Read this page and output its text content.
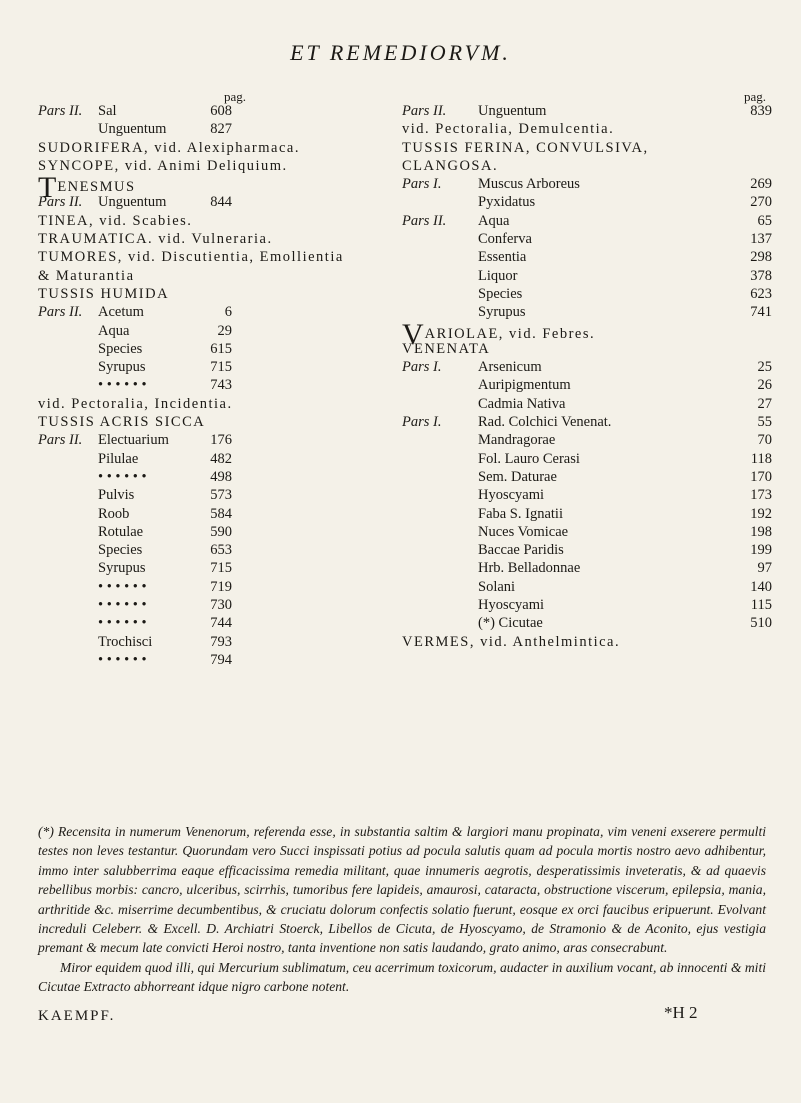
ET REMEDIORVM.
pag.
Pars II. Sal	608
Unguentum	827
SUDORIFERA, vid. Alexipharmaca.
SYNCOPE, vid. Animi Deliquium.
TENESMUS
Pars II. Unguentum	844
TINEA, vid. Scabies.
TRAUMATICA. vid. Vulneraria.
TUMORES, vid. Discutientia, Emollientia
& Maturantia
TUSSIS HUMIDA
Pars II. Acetum	6
Aqua	29
Species	615
Syrupus	715
• • • • • •	743
vid. Pectoralia, Incidentia.
TUSSIS ACRIS SICCA
Pars II. Electuarium	176
Pilulae	482
• • • • • •	498
Pulvis	573
Roob	584
Rotulae	590
Species	653
Syrupus	715
• • • • • •	719
• • • • • •	730
• • • • • •	744
Trochisci	793
• • • • • •	794
pag.
Pars II. Unguentum	839
vid. Pectoralia, Demulcentia.
TUSSIS FERINA, CONVULSIVA,
CLANGOSA.
Pars I.	Muscus Arboreus	269
Pyxidatus	270
Pars II. Aqua	65
Conferva	137
Essentia	298
Liquor	378
Species	623
Syrupus	741
VARIOLAE, vid. Febres.
VENENATA
Pars I.	Arsenicum	25
Auripigmentum	26
Cadmia Nativa	27
Pars I.	Rad. Colchici Venenat.	55
Mandragorae	70
Fol. Lauro Cerasi	118
Sem. Daturae	170
Hyoscyami	173
Faba S. Ignatii	192
Nuces Vomicae	198
Baccae Paridis	199
Hrb. Belladonnae	97
Solani	140
Hyoscyami	115
(*) Cicutae	510
VERMES, vid. Anthelmintica.

(*) Recensita in numerum Venenorum, referenda esse, in substantia saltim & largiori manu propinata, vim veneni exserere permulti testes non leves testantur. Quorundam vero Succi inspissati potius ad pocula salutis quam ad pocula mortis nostro aevo adhibentur, immo inter salubberrima eaque efficacissima remedia militant, quae innumeris aegrotis, desperatissimis inveteratis, & ad quaevis rebellibus morbis: cancro, ulceribus, scirrhis, tumoribus fere lapideis, amaurosi, cataracta, obstructione viscerum, epilepsia, mania, arthritide &c. miserrime decumbentibus, & cruciatu dolorum confectis solatio fuerunt, eosque ex orci faucibus eripuerunt. Evolvant increduli Celeberr. & Excell. D. Archiatri Stoerck, Libellos de Cicuta, de Hyoscyamo, de Stramonio & de Aconito, ejus vestigia premant & mecum late convicti Heroi nostro, tanta inventione non satis laudando, grato animo, aras consecrabunt.

Miror equidem quod illi, qui Mercurium sublimatum, ceu acerrimum toxicorum, audacter in auxilium vocant, ab innocenti & miti Cicutae Extracto abhorreant idque nigro carbone notent.

KAEMPF.	*H 2
